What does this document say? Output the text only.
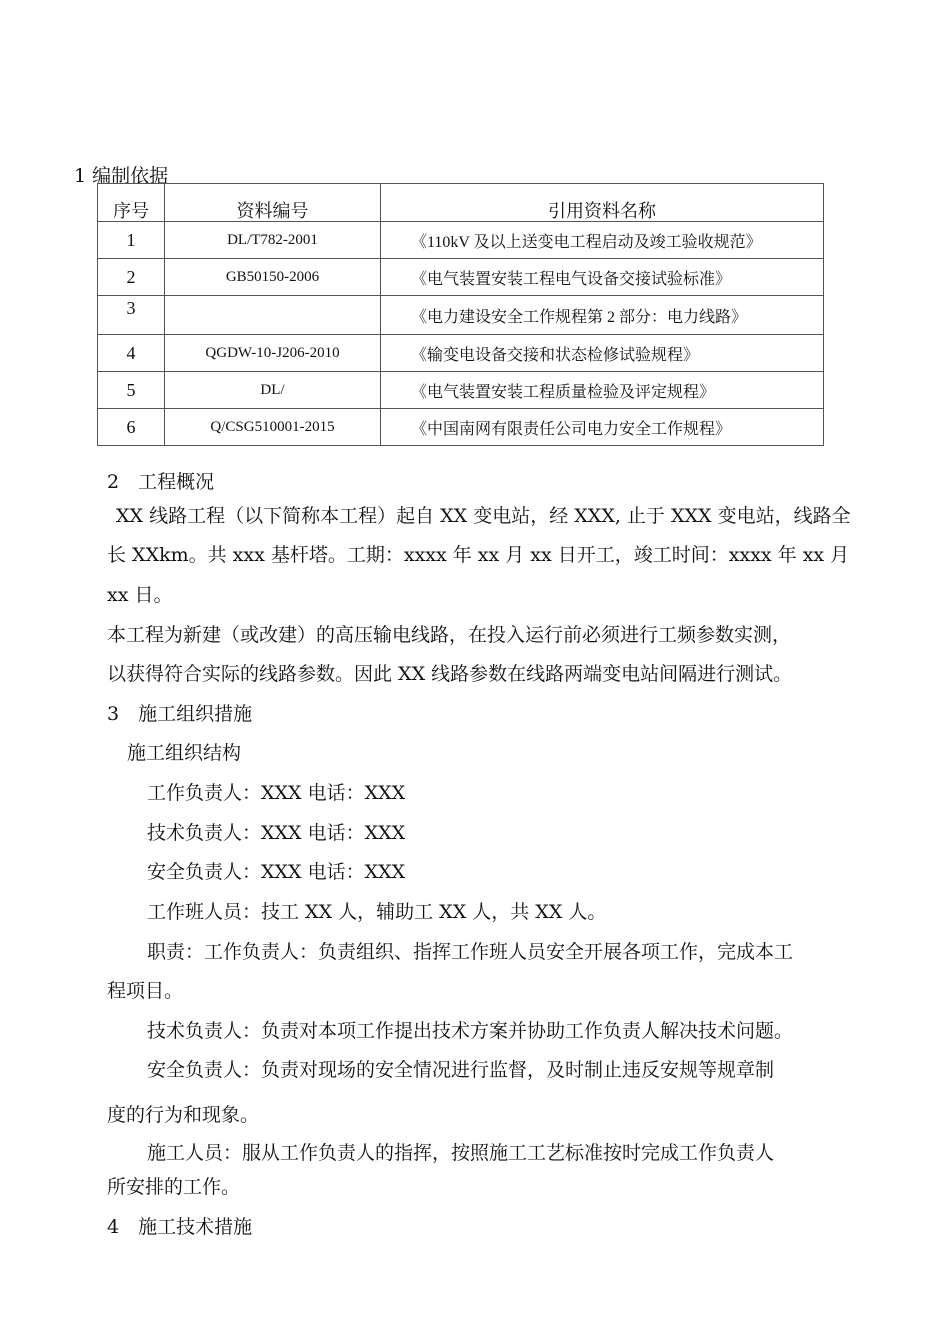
1 编制依据
序号	资料编号	引用资料名称
1	DL/T782-2001	《110kV 及以上送变电工程启动及竣工验收规范》
2	GB50150-2006	《电气装置安装工程电气设备交接试验标准》
3		《电力建设安全工作规程第 2 部分：电力线路》
4	QGDW-10-J206-2010	《输变电设备交接和状态检修试验规程》
5	DL/	《电气装置安装工程质量检验及评定规程》
6	Q/CSG510001-2015	《中国南网有限责任公司电力安全工作规程》
2　工程概况
XX 线路工程（以下简称本工程）起自 XX 变电站，经 XXX, 止于 XXX 变电站，线路全
长 XXkm。共 xxx 基杆塔。工期：xxxx 年 xx 月 xx 日开工，竣工时间：xxxx 年 xx 月
xx 日。
本工程为新建（或改建）的高压输电线路，在投入运行前必须进行工频参数实测，
以获得符合实际的线路参数。因此 XX 线路参数在线路两端变电站间隔进行测试。
3　施工组织措施
施工组织结构
工作负责人：XXX 电话：XXX
技术负责人：XXX 电话：XXX
安全负责人：XXX 电话：XXX
工作班人员：技工 XX 人，辅助工 XX 人，共 XX 人。
职责：工作负责人：负责组织、指挥工作班人员安全开展各项工作，完成本工
程项目。
技术负责人：负责对本项工作提出技术方案并协助工作负责人解决技术问题。
安全负责人：负责对现场的安全情况进行监督，及时制止违反安规等规章制
度的行为和现象。
施工人员：服从工作负责人的指挥，按照施工工艺标准按时完成工作负责人
所安排的工作。
4　施工技术措施
